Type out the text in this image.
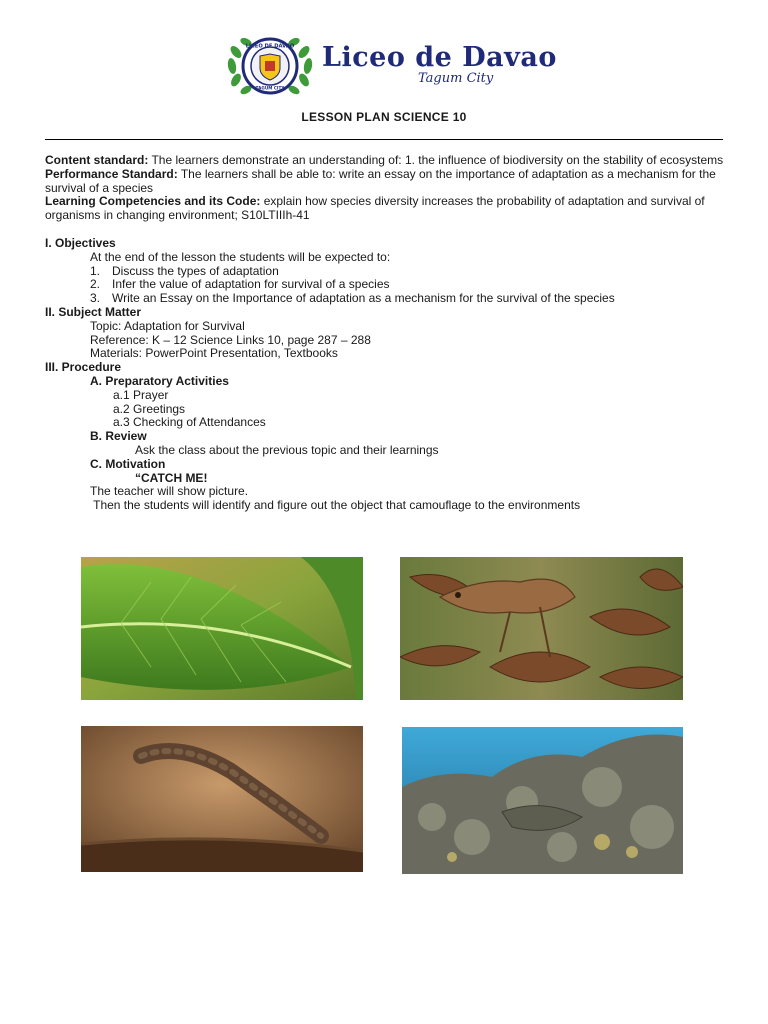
LICEO DE DAVAO
TAGUM CITY
Liceo de Davao
Tagum City
LESSON PLAN SCIENCE 10

Content standard: The learners demonstrate an understanding of: 1. the influence of biodiversity on the stability of ecosystems

Performance Standard: The learners shall be able to: write an essay on the importance of adaptation as a mechanism for the survival of a species

Learning Competencies and its Code: explain how species diversity increases the probability of adaptation and survival of organisms in changing environment; S10LTIIIh-41

I. Objectives

At the end of the lesson the students will be expected to:

1. Discuss the types of adaptation

2. Infer the value of adaptation for survival of a species

3. Write an Essay on the Importance of adaptation as a mechanism for the survival of the species

II. Subject Matter

Topic: Adaptation for Survival

Reference: K – 12 Science Links 10, page 287 – 288

Materials: PowerPoint Presentation, Textbooks

III. Procedure

A. Preparatory Activities

a.1 Prayer

a.2 Greetings

a.3 Checking of Attendances

B. Review

Ask the class about the previous topic and their learnings

C. Motivation

“CATCH ME!

The teacher will show picture.

Then the students will identify and figure out the object that camouflage to the environments
